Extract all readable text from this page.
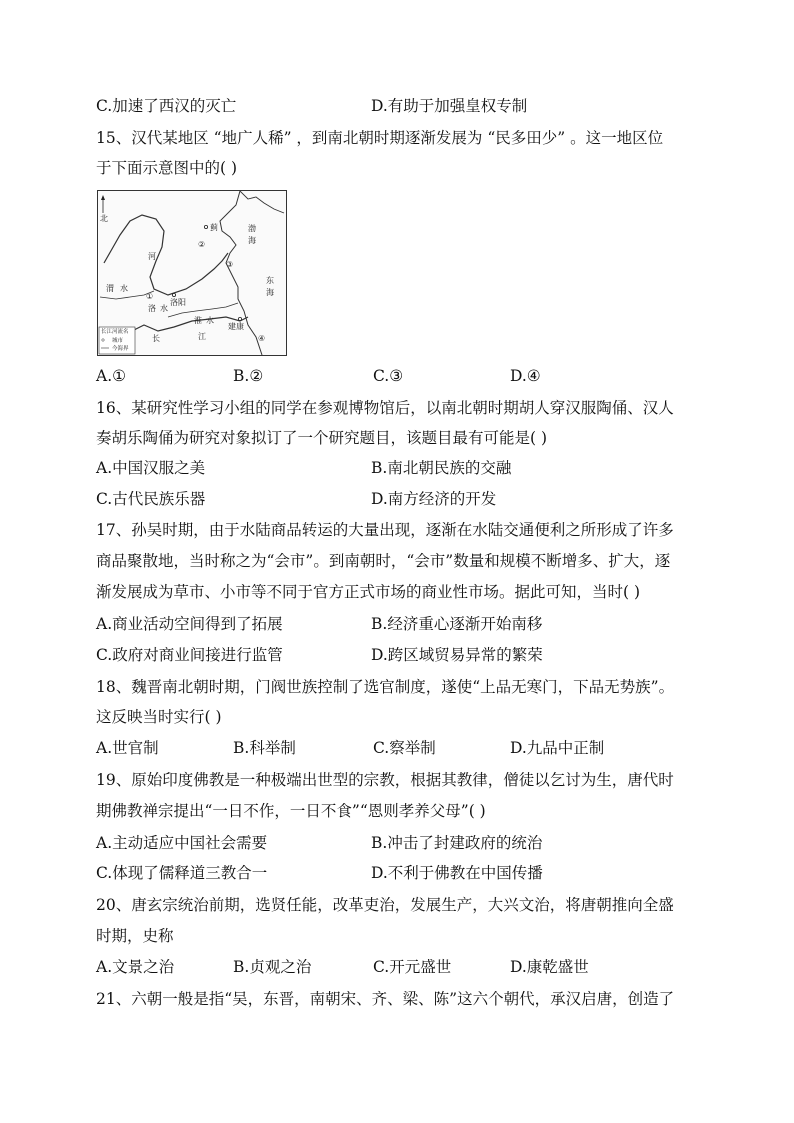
C.加速了西汉的灭亡	D.有助于加强皇权专制
15、汉代某地区 “地广人稀” ，到南北朝时期逐渐发展为 “民多田少” 。这一地区位
于下面示意图中的( )
北
蓟
洛阳
建康
河
渭 水
洛 水
长	江
淮 水
渤
海
东
海
①
②
③
④
长江 河流名
城市
今海界
A.①	B.②	C.③	D.④
16、某研究性学习小组的同学在参观博物馆后，以南北朝时期胡人穿汉服陶俑、汉人
奏胡乐陶俑为研究对象拟订了一个研究题目，该题目最有可能是( )
A.中国汉服之美	B.南北朝民族的交融
C.古代民族乐器	D.南方经济的开发
17、孙吴时期，由于水陆商品转运的大量出现，逐渐在水陆交通便利之所形成了许多
商品聚散地，当时称之为“会市”。到南朝时，“会市”数量和规模不断增多、扩大，逐
渐发展成为草市、小市等不同于官方正式市场的商业性市场。据此可知，当时( )
A.商业活动空间得到了拓展	B.经济重心逐渐开始南移
C.政府对商业间接进行监管	D.跨区域贸易异常的繁荣
18、魏晋南北朝时期，门阀世族控制了选官制度，遂使“上品无寒门，下品无势族”。
这反映当时实行( )
A.世官制	B.科举制	C.察举制	D.九品中正制
19、原始印度佛教是一种极端出世型的宗教，根据其教律，僧徒以乞讨为生，唐代时
期佛教禅宗提出“一日不作，一日不食”“恩则孝养父母”( )
A.主动适应中国社会需要	B.冲击了封建政府的统治
C.体现了儒释道三教合一	D.不利于佛教在中国传播
20、唐玄宗统治前期，选贤任能，改革吏治，发展生产，大兴文治，将唐朝推向全盛
时期，史称
A.文景之治	B.贞观之治	C.开元盛世	D.康乾盛世
21、六朝一般是指“吴，东晋，南朝宋、齐、梁、陈”这六个朝代，承汉启唐，创造了
